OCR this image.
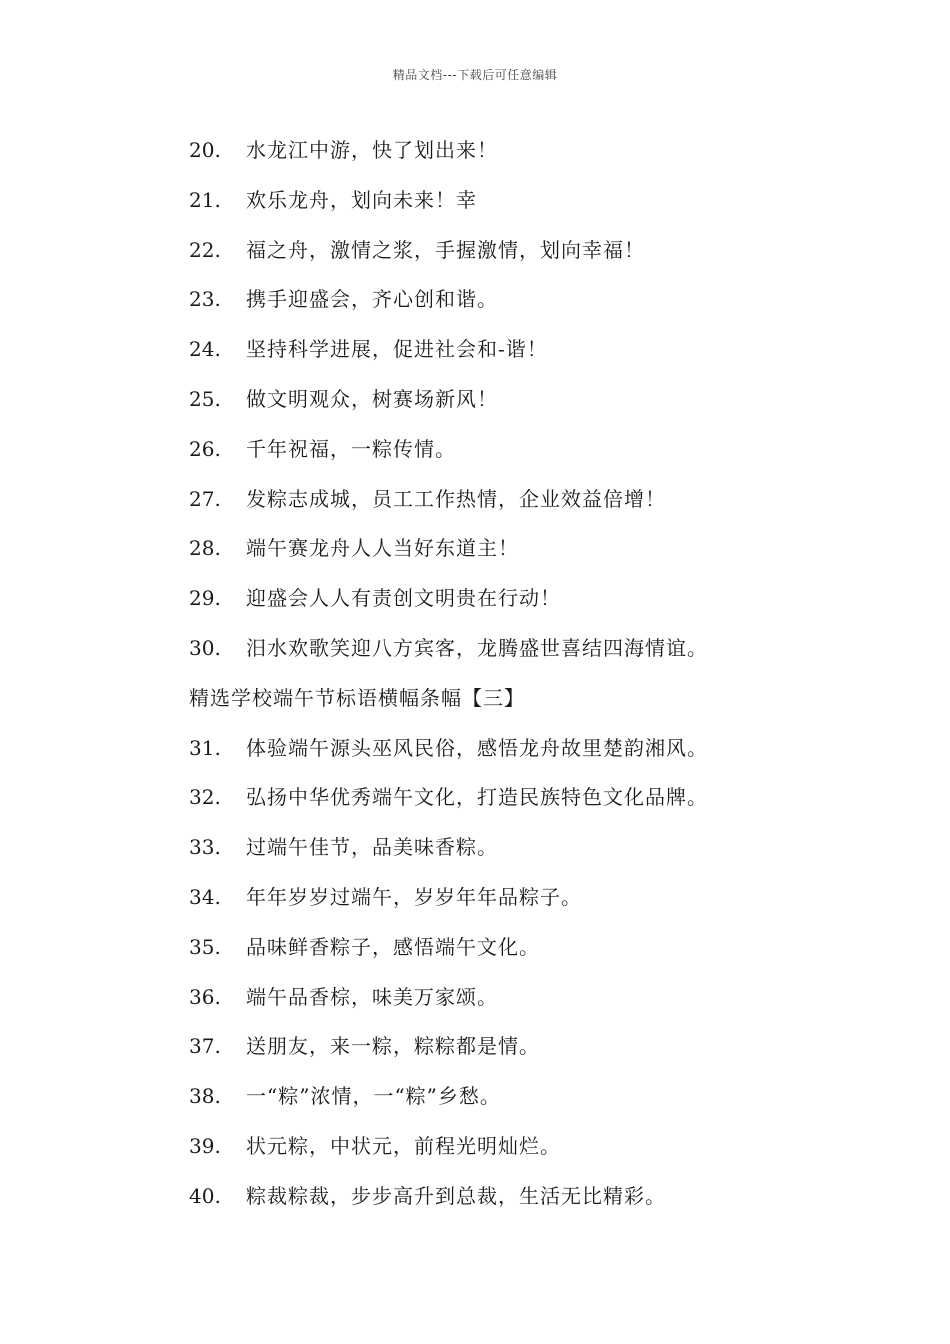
精品文档---下载后可任意编辑
20.	水龙江中游，快了划出来！
21.	欢乐龙舟，划向未来！幸
22.	福之舟，激情之浆，手握激情，划向幸福！
23.	携手迎盛会，齐心创和谐。
24.	坚持科学进展，促进社会和-谐！
25.	做文明观众，树赛场新风！
26.	千年祝福，一粽传情。
27.	发粽志成城，员工工作热情，企业效益倍增！
28.	端午赛龙舟人人当好东道主！
29.	迎盛会人人有责创文明贵在行动！
30.	汨水欢歌笑迎八方宾客，龙腾盛世喜结四海情谊。
精选学校端午节标语横幅条幅【三】
31.	体验端午源头巫风民俗，感悟龙舟故里楚韵湘风。
32.	弘扬中华优秀端午文化，打造民族特色文化品牌。
33.	过端午佳节，品美味香粽。
34.	年年岁岁过端午，岁岁年年品粽子。
35.	品味鲜香粽子，感悟端午文化。
36.	端午品香棕，味美万家颂。
37.	送朋友，来一粽，粽粽都是情。
38.	一“粽”浓情，一“粽”乡愁。
39.	状元粽，中状元，前程光明灿烂。
40.	粽裁粽裁，步步高升到总裁，生活无比精彩。
